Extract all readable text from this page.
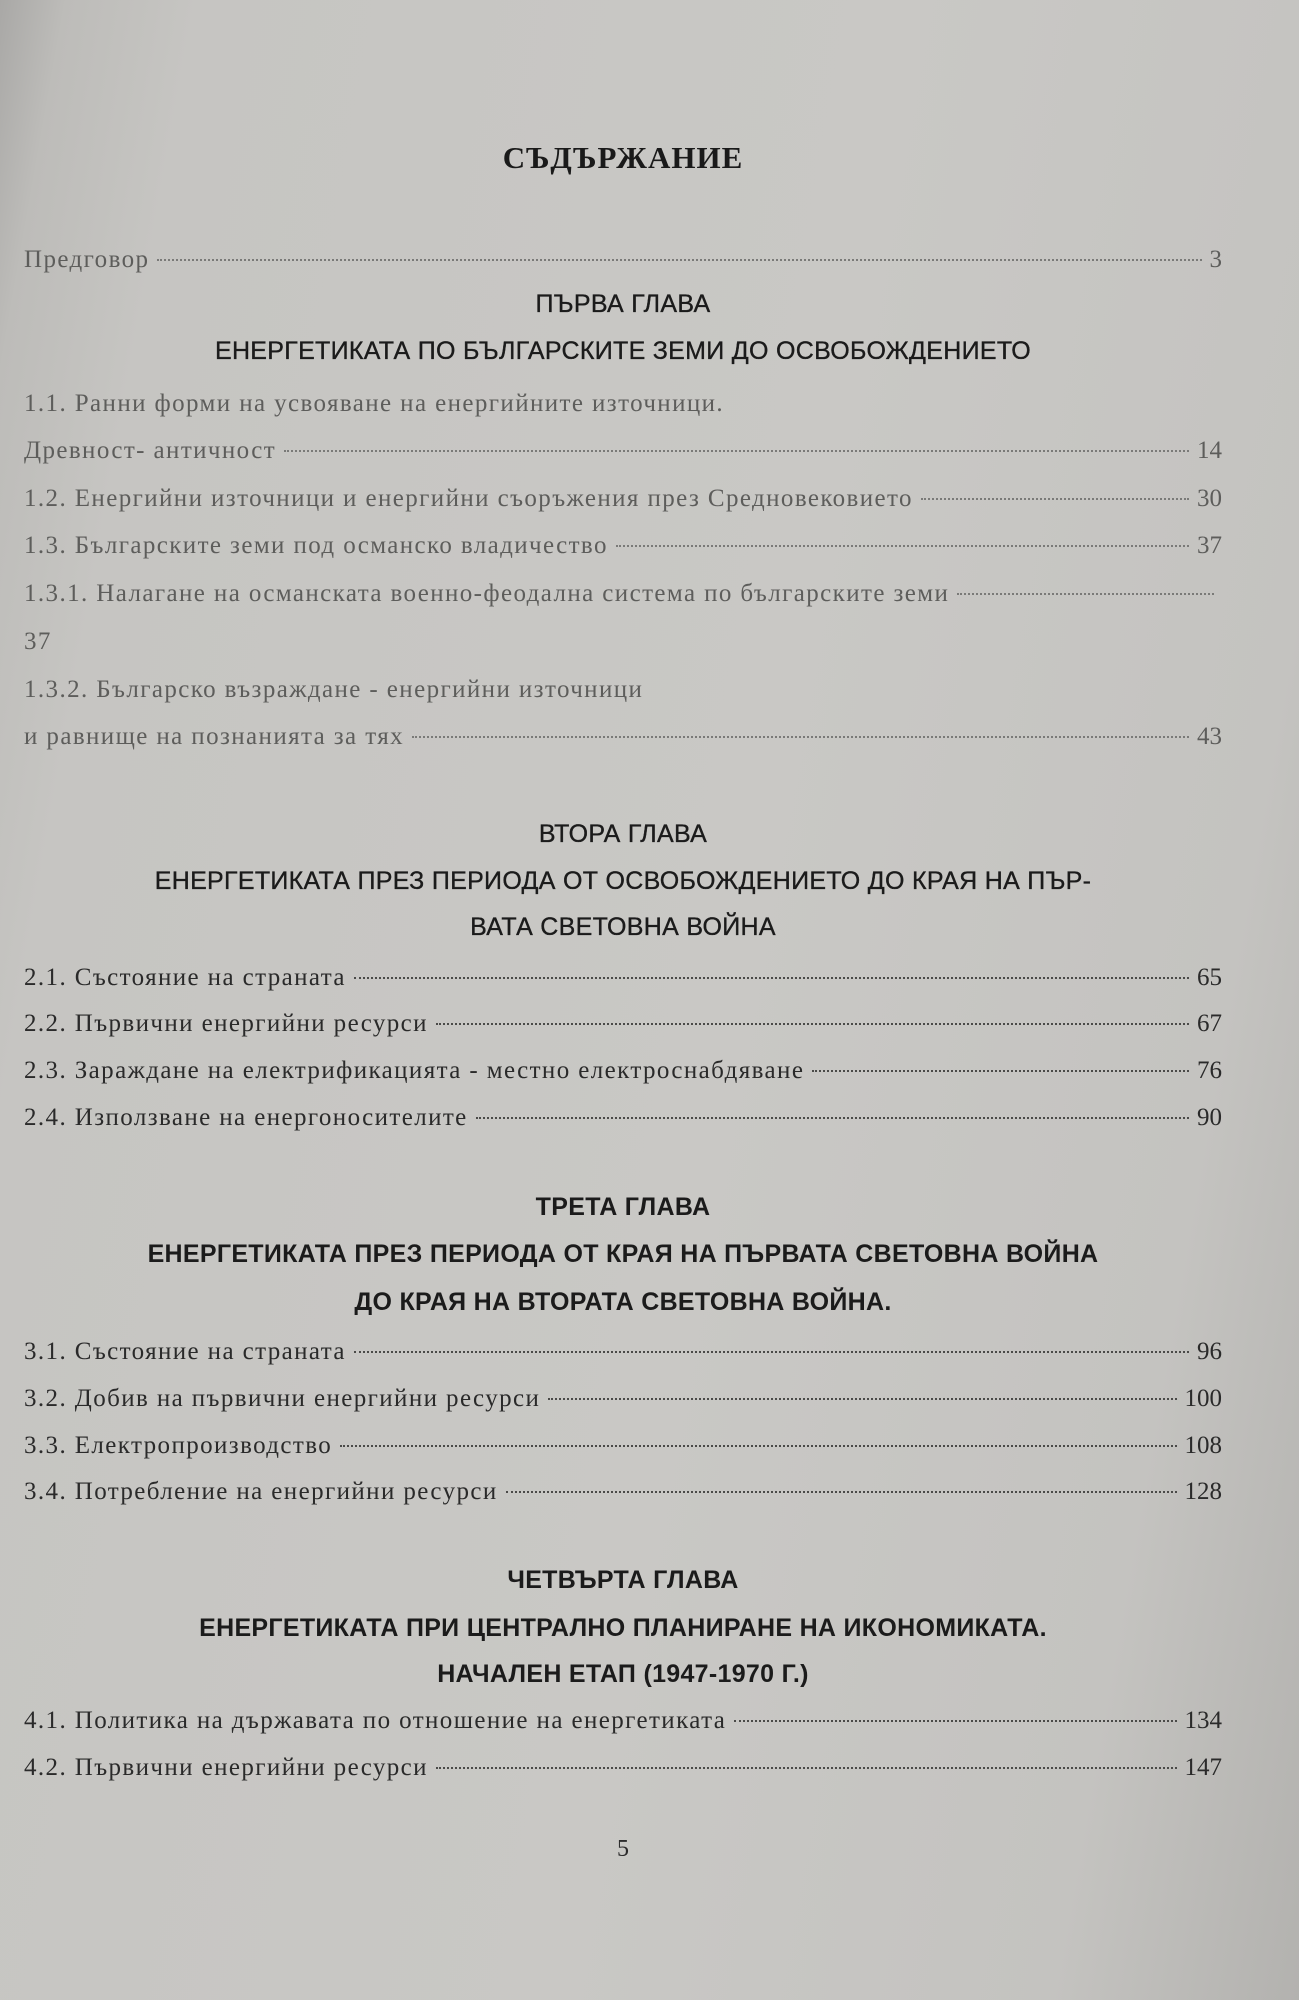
СЪДЪРЖАНИЕ
Предговор	3
ПЪРВА ГЛАВА
ЕНЕРГЕТИКАТА ПО БЪЛГАРСКИТЕ ЗЕМИ ДО ОСВОБОЖДЕНИЕТО
1.1. Ранни форми на усвояване на енергийните източници.
Древност- античност	14
1.2. Енергийни източници и енергийни съоръжения през Средновековието	30
1.3. Българските земи под османско владичество	37
1.3.1. Налагане на османската военно-феодална система по българските земи
37
1.3.2. Българско възраждане - енергийни източници
и равнище на познанията за тях	43
ВТОРА ГЛАВА
ЕНЕРГЕТИКАТА ПРЕЗ ПЕРИОДА ОТ ОСВОБОЖДЕНИЕТО ДО КРАЯ НА ПЪР-
ВАТА СВЕТОВНА ВОЙНА
2.1. Състояние на страната	65
2.2. Първични енергийни ресурси	67
2.3. Зараждане на електрификацията - местно електроснабдяване	76
2.4. Използване на енергоносителите	90
ТРЕТА ГЛАВА
ЕНЕРГЕТИКАТА ПРЕЗ ПЕРИОДА ОТ КРАЯ НА ПЪРВАТА СВЕТОВНА ВОЙНА
ДО КРАЯ НА ВТОРАТА СВЕТОВНА ВОЙНА.
3.1. Състояние на страната	96
3.2. Добив на първични енергийни ресурси	100
3.3. Електропроизводство	108
3.4. Потребление на енергийни ресурси	128
ЧЕТВЪРТА ГЛАВА
ЕНЕРГЕТИКАТА ПРИ ЦЕНТРАЛНО ПЛАНИРАНЕ НА ИКОНОМИКАТА.
НАЧАЛЕН ЕТАП (1947-1970 Г.)
4.1. Политика на държавата по отношение на енергетиката	134
4.2. Първични енергийни ресурси	147
5
